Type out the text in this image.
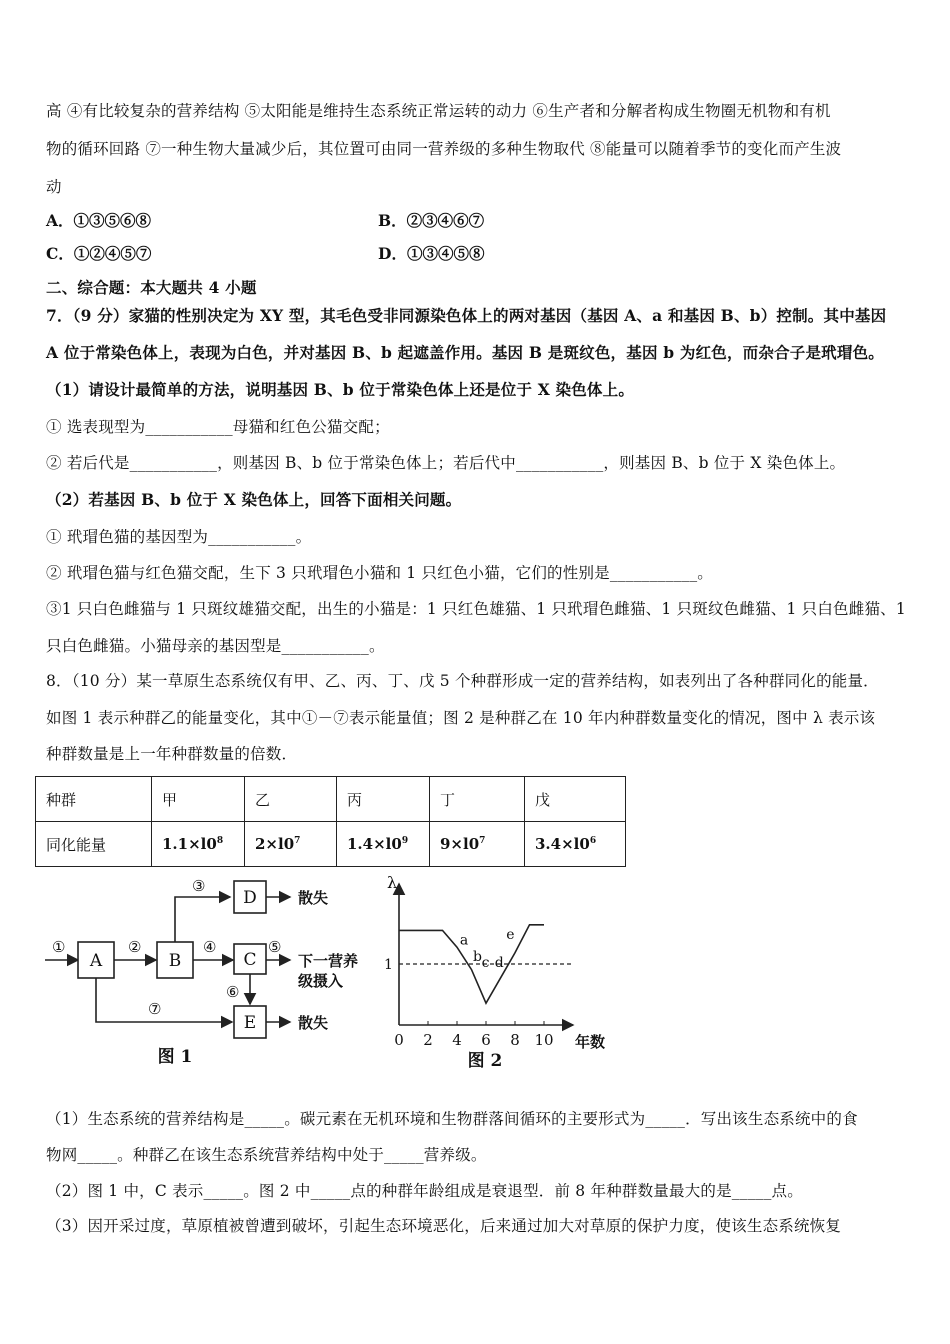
高 ④有比较复杂的营养结构 ⑤太阳能是维持生态系统正常运转的动力 ⑥生产者和分解者构成生物圈无机物和有机
物的循环回路 ⑦一种生物大量减少后，其位置可由同一营养级的多种生物取代 ⑧能量可以随着季节的变化而产生波
动
A．①③⑤⑥⑧	B．②③④⑥⑦
C．①②④⑤⑦	D．①③④⑤⑧
二、综合题：本大题共 4 小题
7．（9 分）家猫的性别决定为 XY 型，其毛色受非同源染色体上的两对基因（基因 A、a 和基因 B、b）控制。其中基因
A 位于常染色体上，表现为白色，并对基因 B、b 起遮盖作用。基因 B 是斑纹色，基因 b 为红色，而杂合子是玳瑁色。
（1）请设计最简单的方法，说明基因 B、b 位于常染色体上还是位于 X 染色体上。
① 选表现型为___________母猫和红色公猫交配；
② 若后代是___________，则基因 B、b 位于常染色体上；若后代中___________，则基因 B、b 位于 X 染色体上。
（2）若基因 B、b 位于 X 染色体上，回答下面相关问题。
① 玳瑁色猫的基因型为___________。
② 玳瑁色猫与红色猫交配，生下 3 只玳瑁色小猫和 1 只红色小猫，它们的性别是___________。
③1 只白色雌猫与 1 只斑纹雄猫交配，出生的小猫是：1 只红色雄猫、1 只玳瑁色雌猫、1 只斑纹色雌猫、1 只白色雌猫、1
只白色雌猫。小猫母亲的基因型是___________。
8．（10 分）某一草原生态系统仅有甲、乙、丙、丁、戊 5 个种群形成一定的营养结构，如表列出了各种群同化的能量．
如图 1 表示种群乙的能量变化，其中①－⑦表示能量值；图 2 是种群乙在 10 年内种群数量变化的情况，图中 λ 表示该
种群数量是上一年种群数量的倍数．
种群	甲	乙	丙	丁	戊
同化能量	$1.1\times l0^8$	$2\times l0^7$	$1.4\times l0^9$	$9\times l0^7$	$3.4\times l0^6$
A	B
D
C
E
①	②
③
④	⑤
⑥
⑦
散失
下一营养
级摄入
散失
图 1
λ
1
0 2 4 6 8 10 年数
a
b c d
e
图 2
（1）生态系统的营养结构是_____。碳元素在无机环境和生物群落间循环的主要形式为_____．写出该生态系统中的食
物网_____。种群乙在该生态系统营养结构中处于_____营养级。
（2）图 1 中，C 表示_____。图 2 中_____点的种群年龄组成是衰退型．前 8 年种群数量最大的是_____点。
（3）因开采过度，草原植被曾遭到破坏，引起生态环境恶化，后来通过加大对草原的保护力度，使该生态系统恢复
